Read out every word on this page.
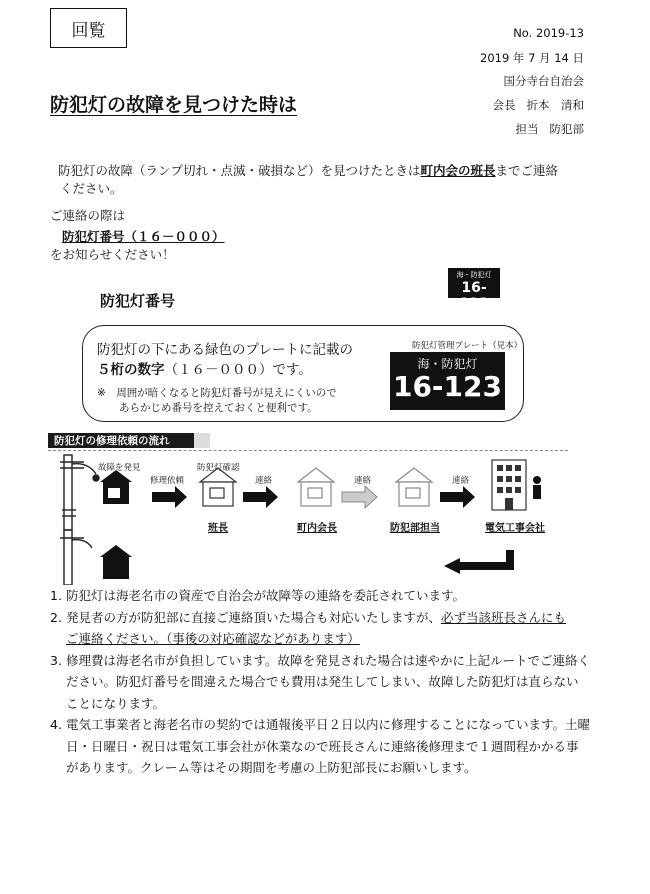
回覧	No. 2019-13
2019 年 7 月 14 日
国分寺台自治会
会長 折本　清和
担当 防犯部
防犯灯の故障を見つけた時は
防犯灯の故障（ランプ切れ・点滅・破損など）を見つけたときは町内会の班長までご連絡
ください。
ご連絡の際は
防犯灯番号（１６－０００）
をお知らせください！
海・防犯灯
16-123
防犯灯番号
防犯灯の下にある緑色のプレートに記載の
５桁の数字（１６－０００）です。
※　周囲が暗くなると防犯灯番号が見えにくいので
あらかじめ番号を控えておくと便利です。
防犯灯管理プレート（見本）
海・防犯灯
16-123
防犯灯の修理依頼の流れ
故障を発見
修理依頼
防犯灯確認
連絡	連絡	連絡
班長	町内会長	防犯部担当	電気工事会社
1. 防犯灯は海老名市の資産で自治会が故障等の連絡を委託されています。
2. 発見者の方が防犯部に直接ご連絡頂いた場合も対応いたしますが、必ず当該班長さんにも
ご連絡ください。（事後の対応確認などがあります）
3. 修理費は海老名市が負担しています。故障を発見された場合は速やかに上記ルートでご連絡ください。防犯灯番号を間違えた場合でも費用は発生してしまい、故障した防犯灯は直らないことになります。
4. 電気工事業者と海老名市の契約では通報後平日２日以内に修理することになっています。土曜日・日曜日・祝日は電気工事会社が休業なので班長さんに連絡後修理まで１週間程かかる事があります。クレーム等はその期間を考慮の上防犯部長にお願いします。
